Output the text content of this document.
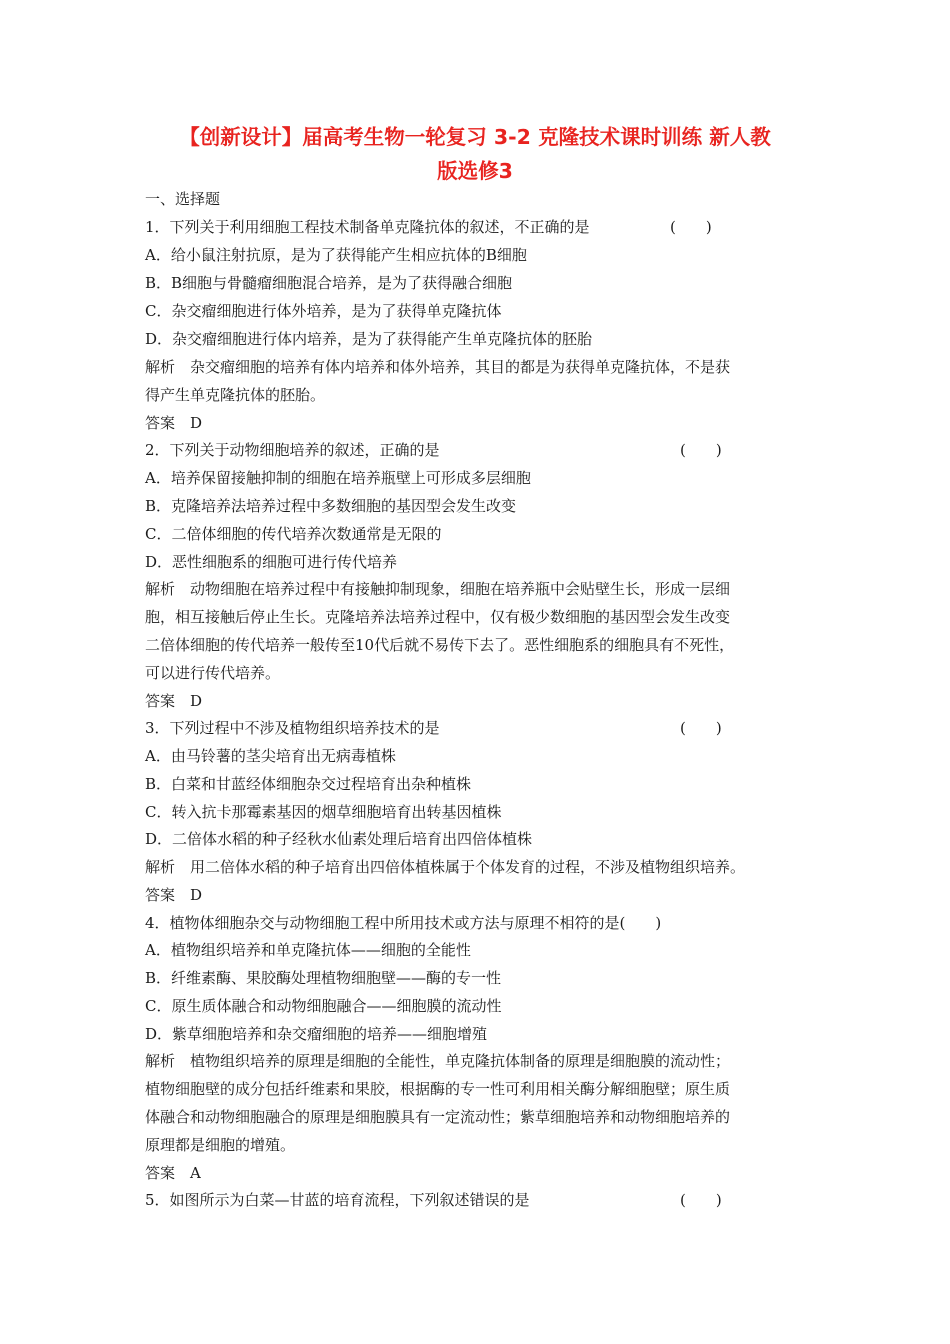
【创新设计】届高考生物一轮复习 3-2 克隆技术课时训练 新人教
版选修3
一、选择题
1．下列关于利用细胞工程技术制备单克隆抗体的叙述，不正确的是	(　　)
A．给小鼠注射抗原，是为了获得能产生相应抗体的B细胞
B．B细胞与骨髓瘤细胞混合培养，是为了获得融合细胞
C．杂交瘤细胞进行体外培养，是为了获得单克隆抗体
D．杂交瘤细胞进行体内培养，是为了获得能产生单克隆抗体的胚胎
解析　杂交瘤细胞的培养有体内培养和体外培养，其目的都是为获得单克隆抗体，不是获
得产生单克隆抗体的胚胎。
答案　D
2．下列关于动物细胞培养的叙述，正确的是	(　　)
A．培养保留接触抑制的细胞在培养瓶壁上可形成多层细胞
B．克隆培养法培养过程中多数细胞的基因型会发生改变
C．二倍体细胞的传代培养次数通常是无限的
D．恶性细胞系的细胞可进行传代培养
解析　动物细胞在培养过程中有接触抑制现象，细胞在培养瓶中会贴壁生长，形成一层细
胞，相互接触后停止生长。克隆培养法培养过程中，仅有极少数细胞的基因型会发生改变
二倍体细胞的传代培养一般传至10代后就不易传下去了。恶性细胞系的细胞具有不死性，
可以进行传代培养。
答案　D
3．下列过程中不涉及植物组织培养技术的是	(　　)
A．由马铃薯的茎尖培育出无病毒植株
B．白菜和甘蓝经体细胞杂交过程培育出杂种植株
C．转入抗卡那霉素基因的烟草细胞培育出转基因植株
D．二倍体水稻的种子经秋水仙素处理后培育出四倍体植株
解析　用二倍体水稻的种子培育出四倍体植株属于个体发育的过程，不涉及植物组织培养。
答案　D
4．植物体细胞杂交与动物细胞工程中所用技术或方法与原理不相符的是(　　)
A．植物组织培养和单克隆抗体——细胞的全能性
B．纤维素酶、果胶酶处理植物细胞壁——酶的专一性
C．原生质体融合和动物细胞融合——细胞膜的流动性
D．紫草细胞培养和杂交瘤细胞的培养——细胞增殖
解析　植物组织培养的原理是细胞的全能性，单克隆抗体制备的原理是细胞膜的流动性；
植物细胞壁的成分包括纤维素和果胶，根据酶的专一性可利用相关酶分解细胞壁；原生质
体融合和动物细胞融合的原理是细胞膜具有一定流动性；紫草细胞培养和动物细胞培养的
原理都是细胞的增殖。
答案　A
5．如图所示为白菜—甘蓝的培育流程，下列叙述错误的是	(　　)
